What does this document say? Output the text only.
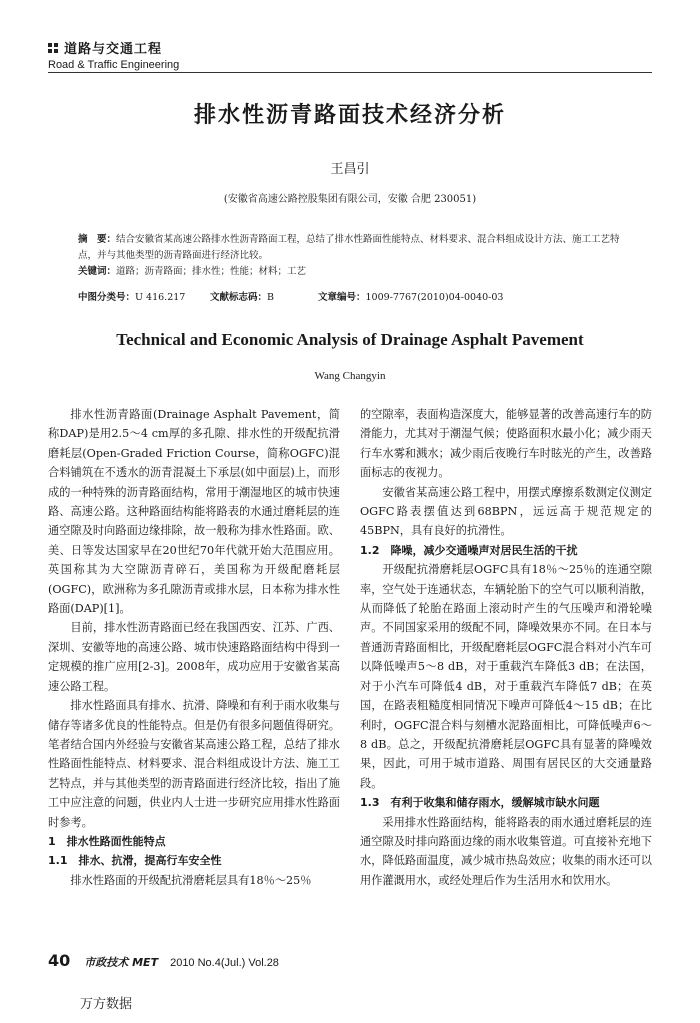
道路与交通工程
Road & Traffic Engineering
排水性沥青路面技术经济分析
王昌引
(安徽省高速公路控股集团有限公司，安徽 合肥 230051)
摘　要：结合安徽省某高速公路排水性沥青路面工程，总结了排水性路面性能特点、材料要求、混合料组成设计方法、施工工艺特点，并与其他类型的沥青路面进行经济比较。
关键词：道路；沥青路面；排水性；性能；材料；工艺
中图分类号：U 416.217	文献标志码：B	文章编号：1009-7767(2010)04-0040-03
Technical and Economic Analysis of Drainage Asphalt Pavement
Wang Changyin

排水性沥青路面(Drainage Asphalt Pavement，简称DAP)是用2.5～4 cm厚的多孔隙、排水性的开级配抗滑磨耗层(Open-Graded Friction Course，简称OGFC)混合料铺筑在不透水的沥青混凝土下承层(如中面层)上，而形成的一种特殊的沥青路面结构，常用于潮湿地区的城市快速路、高速公路。这种路面结构能将路表的水通过磨耗层的连通空隙及时向路面边缘排除，故一般称为排水性路面。欧、美、日等发达国家早在20世纪70年代就开始大范围应用。英国称其为大空隙沥青碎石，美国称为开级配磨耗层(OGFC)，欧洲称为多孔隙沥青或排水层，日本称为排水性路面(DAP)[1]。

目前，排水性沥青路面已经在我国西安、江苏、广西、深圳、安徽等地的高速公路、城市快速路路面结构中得到一定规模的推广应用[2-3]。2008年，成功应用于安徽省某高速公路工程。

排水性路面具有排水、抗滑、降噪和有利于雨水收集与储存等诸多优良的性能特点。但是仍有很多问题值得研究。笔者结合国内外经验与安徽省某高速公路工程，总结了排水性路面性能特点、材料要求、混合料组成设计方法、施工工艺特点，并与其他类型的沥青路面进行经济比较，指出了施工中应注意的问题，供业内人士进一步研究应用排水性路面时参考。

1　排水性路面性能特点

1.1　排水、抗滑，提高行车安全性

排水性路面的开级配抗滑磨耗层具有18％～25％

的空隙率，表面构造深度大，能够显著的改善高速行车的防滑能力，尤其对于潮湿气候；使路面积水最小化；减少雨天行车水雾和溅水；减少雨后夜晚行车时眩光的产生，改善路面标志的夜视力。

安徽省某高速公路工程中，用摆式摩擦系数测定仪测定OGFC路表摆值达到68BPN，远远高于规范规定的45BPN，具有良好的抗滑性。

1.2　降噪，减少交通噪声对居民生活的干扰

开级配抗滑磨耗层OGFC具有18％～25％的连通空隙率，空气处于连通状态，车辆轮胎下的空气可以顺利消散，从而降低了轮胎在路面上滚动时产生的气压噪声和滑轮噪声。不同国家采用的级配不同，降噪效果亦不同。在日本与普通沥青路面相比，开级配磨耗层OGFC混合料对小汽车可以降低噪声5～8 dB，对于重载汽车降低3 dB；在法国，对于小汽车可降低4 dB，对于重载汽车降低7 dB；在英国，在路表粗糙度相同情况下噪声可降低4～15 dB；在比利时，OGFC混合料与刻槽水泥路面相比，可降低噪声6～8 dB。总之，开级配抗滑磨耗层OGFC具有显著的降噪效果，因此，可用于城市道路、周围有居民区的大交通量路段。

1.3　有利于收集和储存雨水，缓解城市缺水问题

采用排水性路面结构，能将路表的雨水通过磨耗层的连通空隙及时排向路面边缘的雨水收集管道。可直接补充地下水，降低路面温度，减少城市热岛效应；收集的雨水还可以用作灌溉用水，或经处理后作为生活用水和饮用水。

40 市政技术 MET 2010 No.4(Jul.) Vol.28
万方数据
